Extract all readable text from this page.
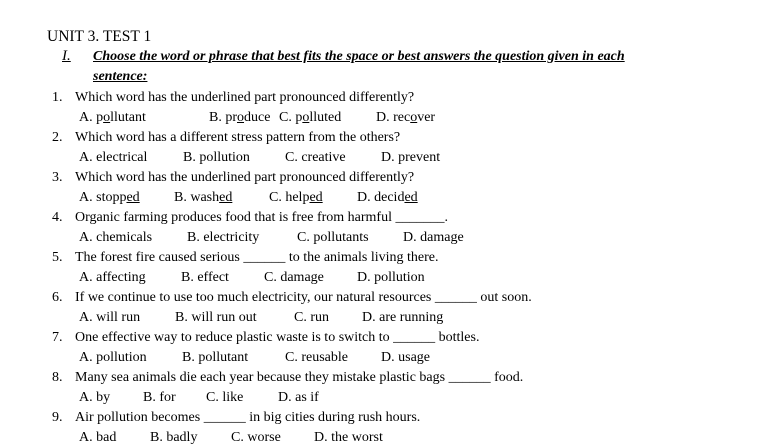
UNIT 3. TEST 1
I. Choose the word or phrase that best fits the space or best answers the question given in each
sentence:
1. Which word has the underlined part pronounced differently?
A. pollutant	B. produce C. polluted D. recover
2. Which word has a different stress pattern from the others?
A. electrical	B. pollution	C. creative	D. prevent
3. Which word has the underlined part pronounced differently?
A. stopped B. washed	C. helped D. decided
4. Organic farming produces food that is free from harmful _______.
A. chemicals B. electricity	C. pollutants D. damage
5. The forest fire caused serious ______ to the animals living there.
A. affecting	B. effect	C. damage D. pollution
6. If we continue to use too much electricity, our natural resources ______ out soon.
A. will run B. will run out	C. run D. are running
7. One effective way to reduce plastic waste is to switch to ______ bottles.
A. pollution	B. pollutant	C. reusable D. usage
8. Many sea animals die each year because they mistake plastic bags ______ food.
A. by B. for C. like D. as if
9. Air pollution becomes ______ in big cities during rush hours.
A. bad B. badly C. worse D. the worst
